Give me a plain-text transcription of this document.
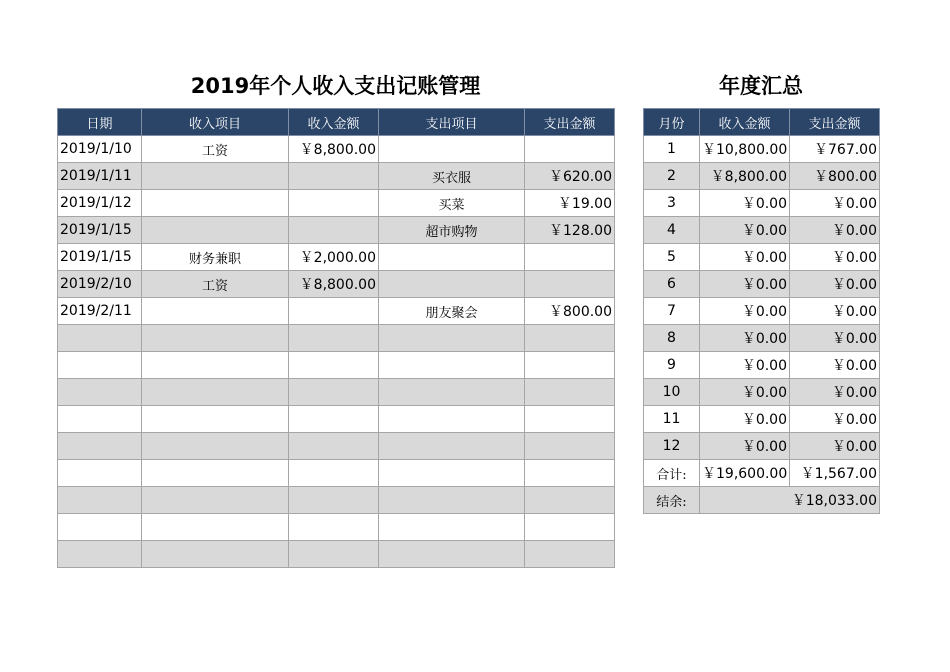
2019年个人收入支出记账管理	年度汇总
日期	收入项目	收入金额	支出项目	支出金额
2019/1/10	工资	￥8,800.00		
2019/1/11			买衣服	￥620.00
2019/1/12			买菜	￥19.00
2019/1/15			超市购物	￥128.00
2019/1/15	财务兼职	￥2,000.00		
2019/2/10	工资	￥8,800.00		
2019/2/11			朋友聚会	￥800.00

月份	收入金额	支出金额
1	￥10,800.00	￥767.00
2	￥8,800.00	￥800.00
3	￥0.00	￥0.00
4	￥0.00	￥0.00
5	￥0.00	￥0.00
6	￥0.00	￥0.00
7	￥0.00	￥0.00
8	￥0.00	￥0.00
9	￥0.00	￥0.00
10	￥0.00	￥0.00
11	￥0.00	￥0.00
12	￥0.00	￥0.00
合计:	￥19,600.00	￥1,567.00
结余:	￥18,033.00	
